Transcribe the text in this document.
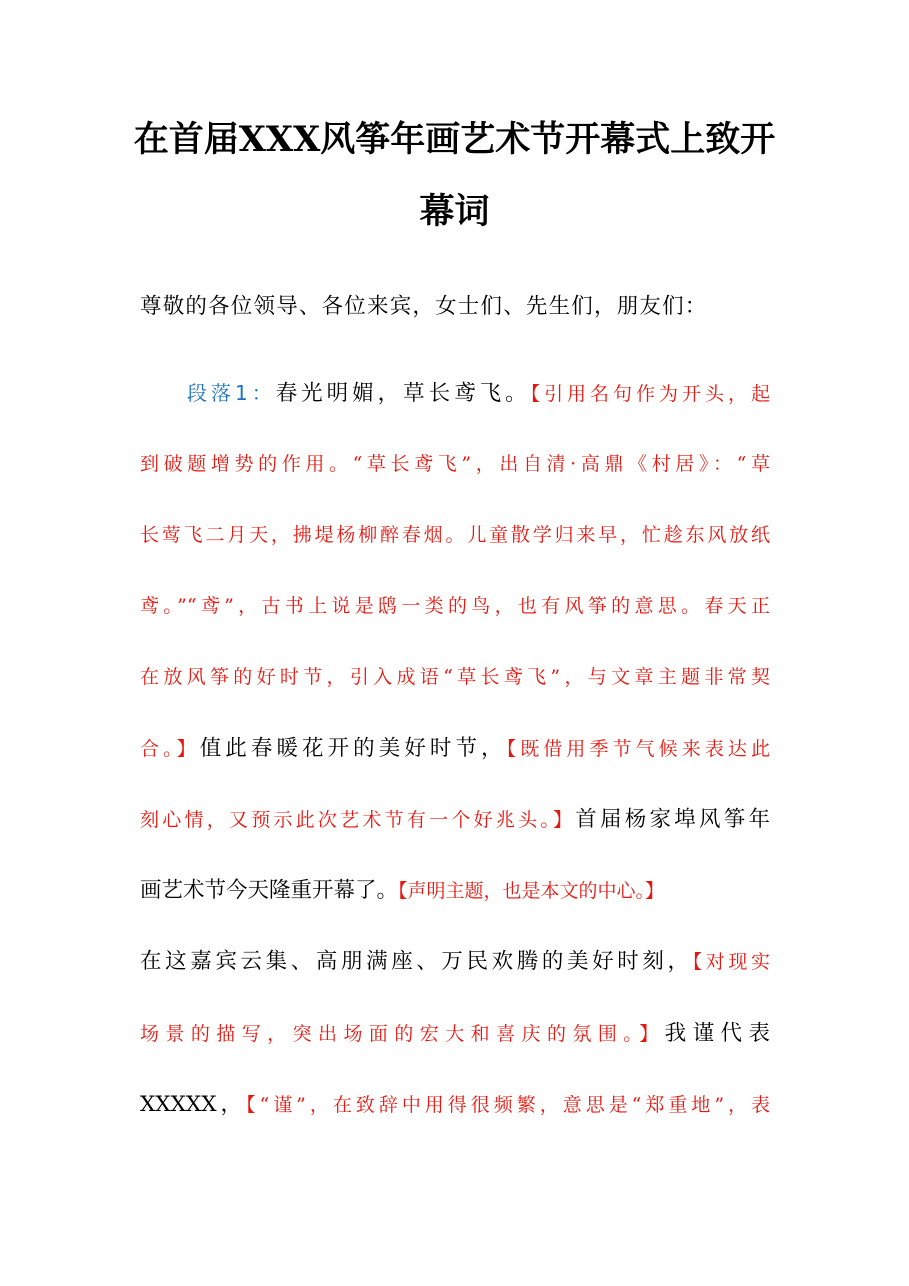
在首届XXX风筝年画艺术节开幕式上致开
幕词
尊敬的各位领导、各位来宾，女士们、先生们，朋友们：
段落1：春光明媚，草长鸢飞。【引用名句作为开头，起
到破题增势的作用。“草长鸢飞”，出自清·高鼎《村居》：“草
长莺飞二月天，拂堤杨柳醉春烟。儿童散学归来早，忙趁东风放纸
鸢。”“鸢”，古书上说是鸱一类的鸟，也有风筝的意思。春天正
在放风筝的好时节，引入成语“草长鸢飞”，与文章主题非常契
合。】值此春暖花开的美好时节，【既借用季节气候来表达此
刻心情，又预示此次艺术节有一个好兆头。】首届杨家埠风筝年
画艺术节今天隆重开幕了。【声明主题，也是本文的中心。】
在这嘉宾云集、高朋满座、万民欢腾的美好时刻，【对现实
场景的描写，突出场面的宏大和喜庆的氛围。】我谨代表
XXXXX，【“谨”，在致辞中用得很频繁，意思是“郑重地”，表
